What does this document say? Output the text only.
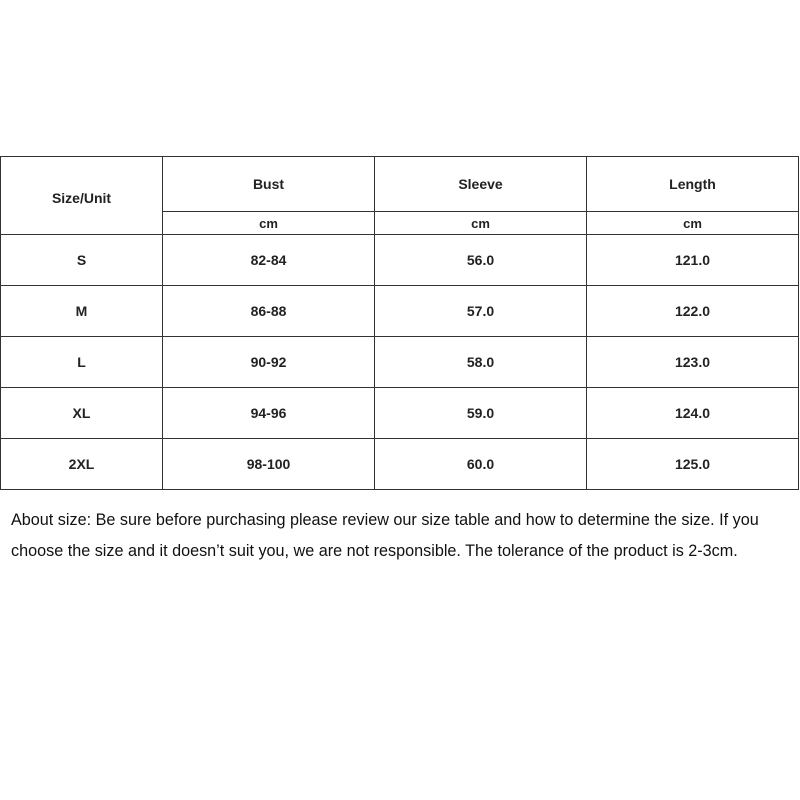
Size/Unit	Bust	Sleeve	Length
	cm	cm	cm
S	82-84	56.0	121.0
M	86-88	57.0	122.0
L	90-92	58.0	123.0
XL	94-96	59.0	124.0
2XL	98-100	60.0	125.0

About size: Be sure before purchasing please review our size table and how to determine the size. If you choose the size and it doesn’t suit you, we are not responsible. The tolerance of the product is 2-3cm.
